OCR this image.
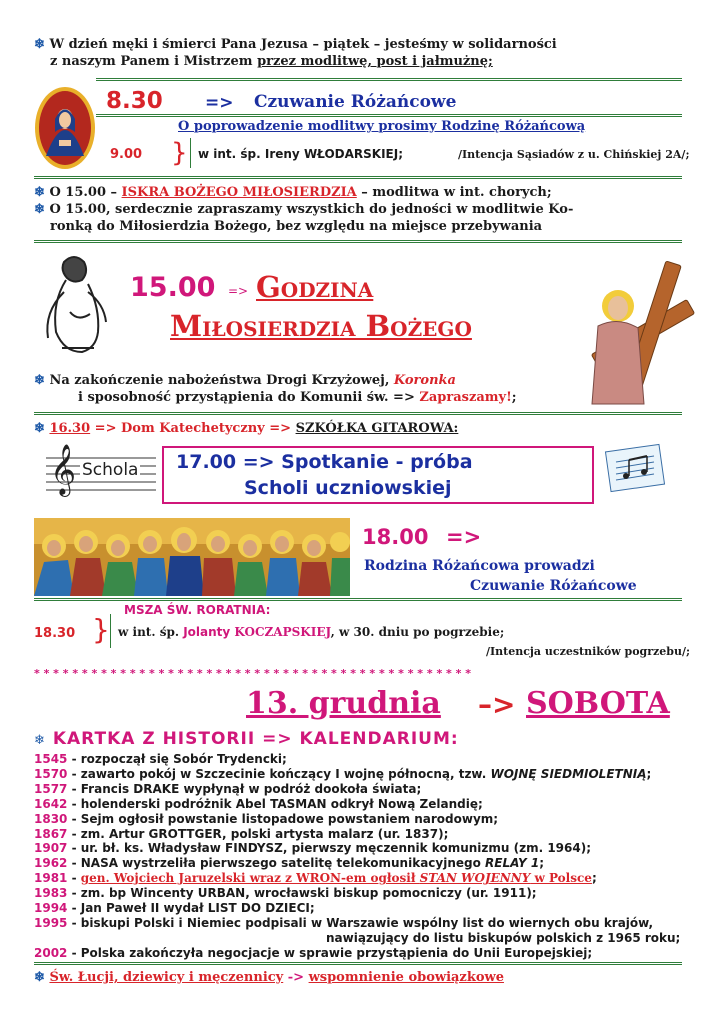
❄ W dzień męki i śmierci Pana Jezusa – piątek – jesteśmy w solidarności
z naszym Panem i Mistrzem przez modlitwę, post i jałmużnę;
8.30 => Czuwanie Różańcowe
O poprowadzenie modlitwy prosimy Rodzinę Różańcową
9.00 } w int. śp. Ireny WŁODARSKIEJ;	/Intencja Sąsiadów z u. Chińskiej 2A/;
❄ O 15.00 – ISKRA BOŻEGO MIŁOSIERDZIA – modlitwa w int. chorych;
❄ O 15.00, serdecznie zapraszamy wszystkich do jedności w modlitwie Ko-
ronką do Miłosierdzia Bożego, bez względu na miejsce przebywania
15.00 => Godzina
Miłosierdzia Bożego
❄ Na zakończenie nabożeństwa Drogi Krzyżowej, Koronka
i sposobność przystąpienia do Komunii św. => Zapraszamy!;
❄ 16.30 => Dom Katechetyczny => SZKÓŁKA GITAROWA:
𝄞 Schola 17.00 => Spotkanie - próba
Scholi uczniowskiej
18.00 =>
Rodzina Różańcowa prowadzi
Czuwanie Różańcowe
MSZA ŚW. RORATNIA:
18.30 } w int. śp. Jolanty KOCZAPSKIEJ, w 30. dniu po pogrzebie;
/Intencja uczestników pogrzebu/;
* * * * * * * * * * * * * * * * * * * * * * * * * * * * * * * * * * * * * * * * * * * * * *
13. grudnia –> SOBOTA
❄ KARTKA Z HISTORII => KALENDARIUM:
1545 - rozpoczął się Sobór Trydencki;
1570 - zawarto pokój w Szczecinie kończący I wojnę północną, tzw. WOJNĘ SIEDMIOLETNIĄ;
1577 - Francis DRAKE wypłynął w podróż dookoła świata;
1642 - holenderski podróżnik Abel TASMAN odkrył Nową Zelandię;
1830 - Sejm ogłosił powstanie listopadowe powstaniem narodowym;
1867 - zm. Artur GROTTGER, polski artysta malarz (ur. 1837);
1907 - ur. bł. ks. Władysław FINDYSZ, pierwszy męczennik komunizmu (zm. 1964);
1962 - NASA wystrzeliła pierwszego satelitę telekomunikacyjnego RELAY 1;
1981 - gen. Wojciech Jaruzelski wraz z WRON-em ogłosił STAN WOJENNY w Polsce;
1983 - zm. bp Wincenty URBAN, wrocławski biskup pomocniczy (ur. 1911);
1994 - Jan Paweł II wydał LIST DO DZIECI;
1995 - biskupi Polski i Niemiec podpisali w Warszawie wspólny list do wiernych obu krajów,
nawiązujący do listu biskupów polskich z 1965 roku;
2002 - Polska zakończyła negocjacje w sprawie przystąpienia do Unii Europejskiej;
❄ Św. Łucji, dziewicy i męczennicy -> wspomnienie obowiązkowe
